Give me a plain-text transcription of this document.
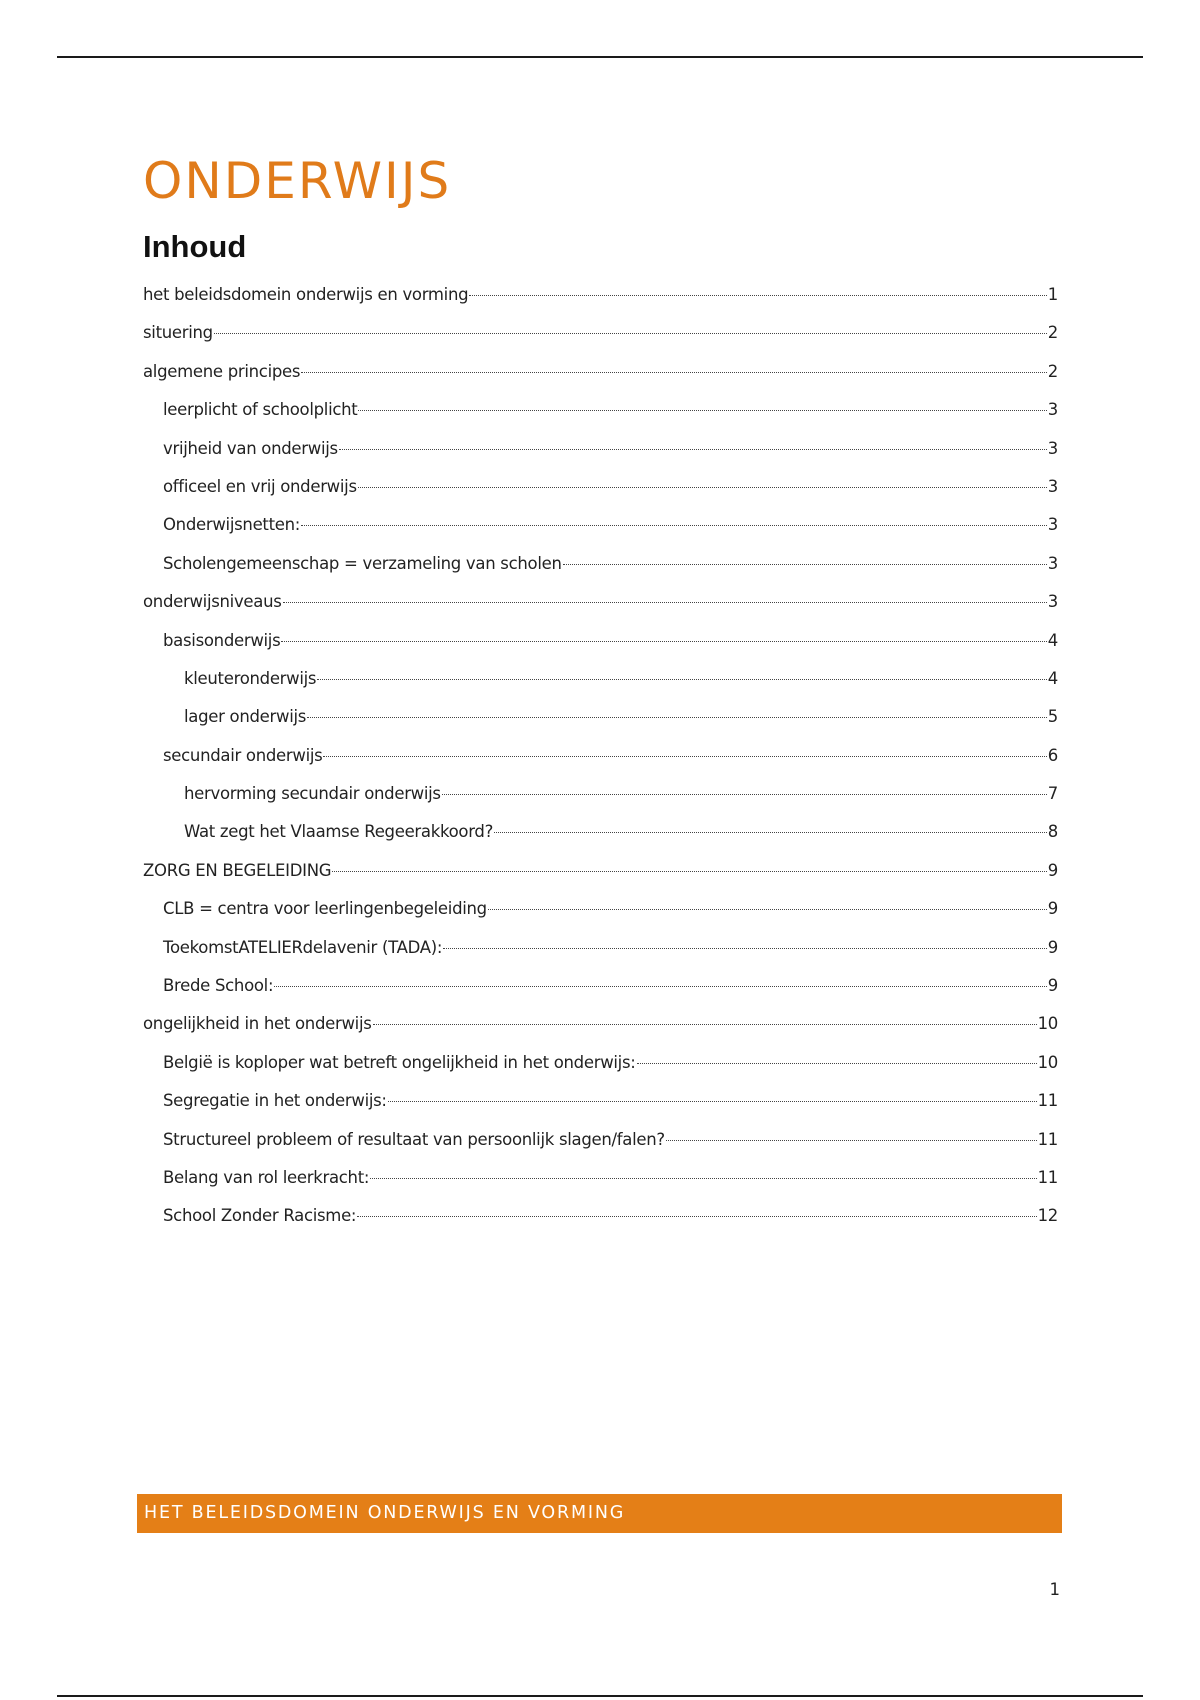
ONDERWIJS
Inhoud
het beleidsdomein onderwijs en vorming	1
situering	2
algemene principes	2
leerplicht of schoolplicht	3
vrijheid van onderwijs	3
officeel en vrij onderwijs	3
Onderwijsnetten:	3
Scholengemeenschap = verzameling van scholen	3
onderwijsniveaus	3
basisonderwijs	4
kleuteronderwijs	4
lager onderwijs	5
secundair onderwijs	6
hervorming secundair onderwijs	7
Wat zegt het Vlaamse Regeerakkoord?	8
ZORG EN BEGELEIDING	9
CLB = centra voor leerlingenbegeleiding	9
ToekomstATELIERdelavenir (TADA):	9
Brede School:	9
ongelijkheid in het onderwijs	10
België is koploper wat betreft ongelijkheid in het onderwijs:	10
Segregatie in het onderwijs:	11
Structureel probleem of resultaat van persoonlijk slagen/falen?	11
Belang van rol leerkracht:	11
School Zonder Racisme:	12
HET BELEIDSDOMEIN ONDERWIJS EN VORMING
1
